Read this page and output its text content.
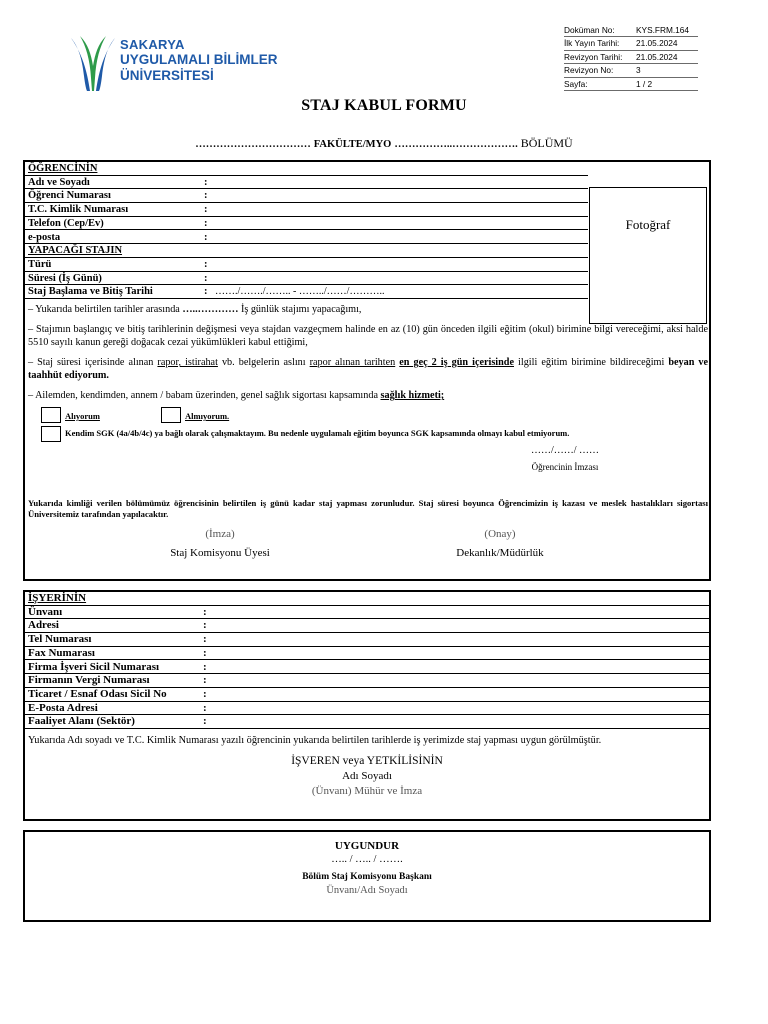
SAKARYA
UYGULAMALI BİLİMLER
ÜNİVERSİTESİ
Doküman No:	KYS.FRM.164
İlk Yayın Tarihi:	21.05.2024
Revizyon Tarihi:	21.05.2024
Revizyon No:	3
Sayfa:	1 / 2
STAJ KABUL FORMU
…………………………… FAKÜLTE/MYO ……………..………………. BÖLÜMÜ
ÖĞRENCİNİN
Adı ve Soyadı	:
Öğrenci Numarası	:
T.C. Kimlik Numarası	:
Telefon (Cep/Ev)	:
e-posta	:
YAPACAĞI STAJIN
Türü	:
Süresi (İş Günü)	:
Staj Başlama ve Bitiş Tarihi	: ……./……./…….. - ……../……/………..
Fotoğraf
– Yukarıda belirtilen tarihler arasında …..………… İş günlük stajımı yapacağımı,
– Stajımın başlangıç ve bitiş tarihlerinin değişmesi veya stajdan vazgeçmem halinde en az (10) gün önceden ilgili eğitim (okul) birimine bilgi vereceğimi, aksi halde 5510 sayılı kanun gereği doğacak cezai yükümlükleri kabul ettiğimi,
– Staj süresi içerisinde alınan rapor, istirahat vb. belgelerin aslını rapor alınan tarihten en geç 2 iş gün içerisinde ilgili eğitim birimine bildireceğimi beyan ve taahhüt ediyorum.
– Ailemden, kendimden, annem / babam üzerinden, genel sağlık sigortası kapsamında sağlık hizmeti;
Alıyorum	Almıyorum.
Kendim SGK (4a/4b/4c) ya bağlı olarak çalışmaktayım. Bu nedenle uygulamalı eğitim boyunca SGK kapsamında olmayı kabul etmiyorum.
……/……/ ……
Öğrencinin İmzası
Yukarıda kimliği verilen bölümümüz öğrencisinin belirtilen iş günü kadar staj yapması zorunludur. Staj süresi boyunca Öğrencimizin iş kazası ve meslek hastalıkları sigortası Üniversitemiz tarafından yapılacaktır.
(İmza)
Staj Komisyonu Üyesi
(Onay)
Dekanlık/Müdürlük
İŞYERİNİN
Ünvanı	:
Adresi	:
Tel Numarası	:
Fax Numarası	:
Firma İşveri Sicil Numarası	:
Firmanın Vergi Numarası	:
Ticaret / Esnaf Odası Sicil No	:
E-Posta Adresi	:
Faaliyet Alanı (Sektör)	:
Yukarıda Adı soyadı ve T.C. Kimlik Numarası yazılı öğrencinin yukarıda belirtilen tarihlerde iş yerimizde staj yapması uygun görülmüştür.
İŞVEREN veya YETKİLİSİNİN
Adı Soyadı
(Ünvanı) Mühür ve İmza
UYGUNDUR
….. / ….. / …….
Bölüm Staj Komisyonu Başkanı
Ünvanı/Adı Soyadı
